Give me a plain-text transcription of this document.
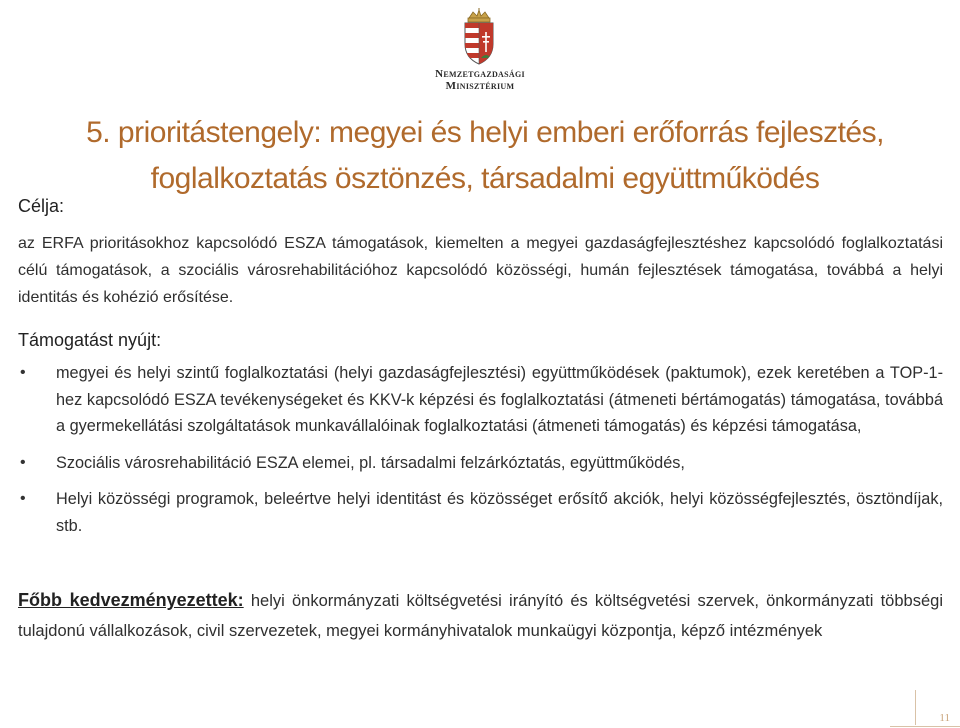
Nemzetgazdasági
Minisztérium
5. prioritástengely: megyei és helyi emberi erőforrás fejlesztés,
foglalkoztatás ösztönzés, társadalmi együttműködés
Célja:
az ERFA prioritásokhoz kapcsolódó ESZA támogatások, kiemelten a megyei gazdaságfejlesztéshez kapcsolódó foglalkoztatási célú támogatások, a szociális városrehabilitációhoz kapcsolódó közösségi, humán fejlesztések támogatása, továbbá a helyi identitás és kohézió erősítése.
Támogatást nyújt:
• megyei és helyi szintű foglalkoztatási (helyi gazdaságfejlesztési) együttműködések (paktumok), ezek keretében a TOP-1-hez kapcsolódó ESZA tevékenységeket és KKV-k képzési és foglalkoztatási (átmeneti bértámogatás) támogatása, továbbá a gyermekellátási szolgáltatások munkavállalóinak foglalkoztatási (átmeneti támogatás) és képzési támogatása,
• Szociális városrehabilitáció ESZA elemei, pl. társadalmi felzárkóztatás, együttműködés,
• Helyi közösségi programok, beleértve helyi identitást és közösséget erősítő akciók, helyi közösségfejlesztés, ösztöndíjak, stb.
Főbb kedvezményezettek: helyi önkormányzati költségvetési irányító és költségvetési szervek, önkormányzati többségi tulajdonú vállalkozások, civil szervezetek, megyei kormányhivatalok munkaügyi központja, képző intézmények
11
